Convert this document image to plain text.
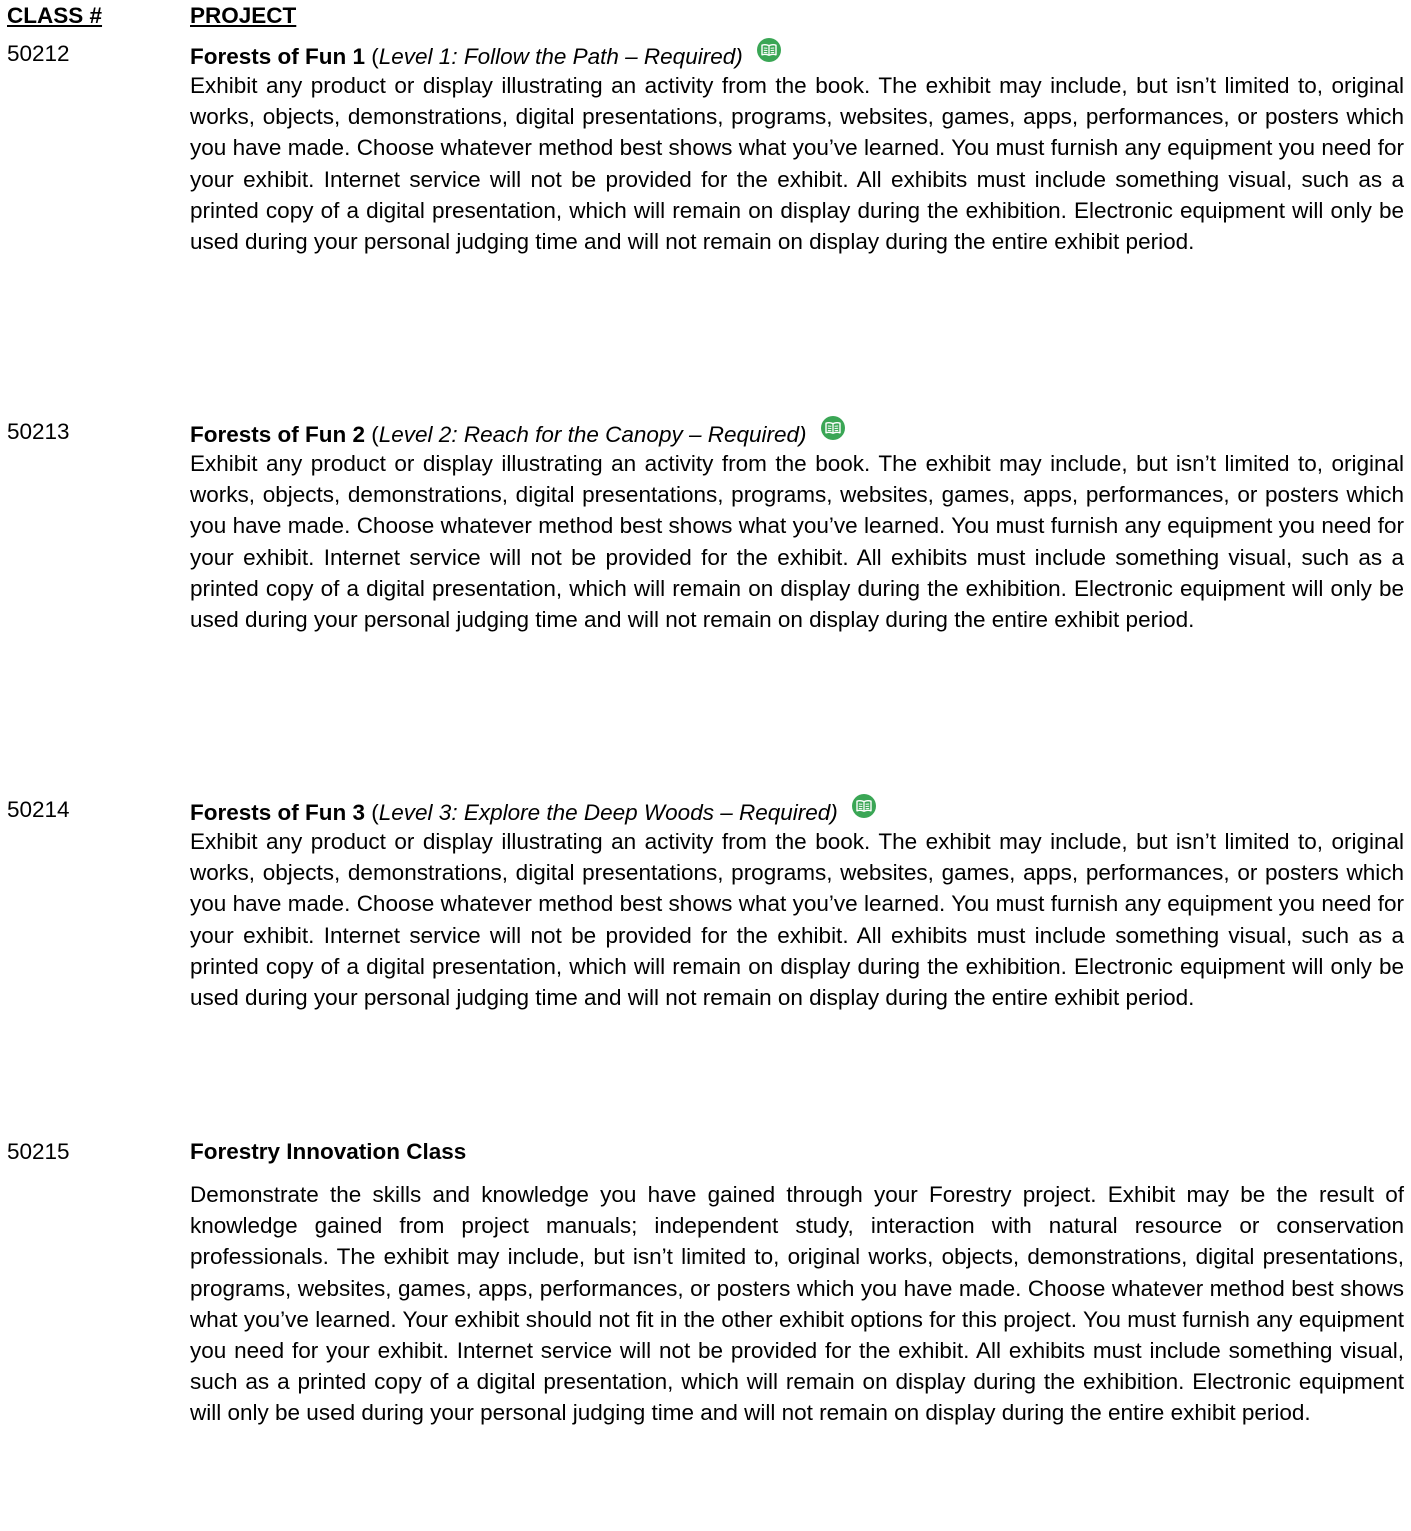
CLASS #	PROJECT
50212	Forests of Fun 1 (Level 1: Follow the Path – Required)

Exhibit any product or display illustrating an activity from the book. The exhibit may include, but isn’t limited to, original works, objects, demonstrations, digital presentations, programs, websites, games, apps, performances, or posters which you have made. Choose whatever method best shows what you’ve learned. You must furnish any equipment you need for your exhibit. Internet service will not be provided for the exhibit. All exhibits must include something visual, such as a printed copy of a digital presentation, which will remain on display during the exhibition. Electronic equipment will only be used during your personal judging time and will not remain on display during the entire exhibit period.

50213	Forests of Fun 2 (Level 2: Reach for the Canopy – Required)

Exhibit any product or display illustrating an activity from the book. The exhibit may include, but isn’t limited to, original works, objects, demonstrations, digital presentations, programs, websites, games, apps, performances, or posters which you have made. Choose whatever method best shows what you’ve learned. You must furnish any equipment you need for your exhibit. Internet service will not be provided for the exhibit. All exhibits must include something visual, such as a printed copy of a digital presentation, which will remain on display during the exhibition. Electronic equipment will only be used during your personal judging time and will not remain on display during the entire exhibit period.

50214	Forests of Fun 3 (Level 3: Explore the Deep Woods – Required)

Exhibit any product or display illustrating an activity from the book. The exhibit may include, but isn’t limited to, original works, objects, demonstrations, digital presentations, programs, websites, games, apps, performances, or posters which you have made. Choose whatever method best shows what you’ve learned. You must furnish any equipment you need for your exhibit. Internet service will not be provided for the exhibit. All exhibits must include something visual, such as a printed copy of a digital presentation, which will remain on display during the exhibition. Electronic equipment will only be used during your personal judging time and will not remain on display during the entire exhibit period.

50215	Forestry Innovation Class

Demonstrate the skills and knowledge you have gained through your Forestry project. Exhibit may be the result of knowledge gained from project manuals; independent study, interaction with natural resource or conservation professionals. The exhibit may include, but isn’t limited to, original works, objects, demonstrations, digital presentations, programs, websites, games, apps, performances, or posters which you have made. Choose whatever method best shows what you’ve learned. Your exhibit should not fit in the other exhibit options for this project. You must furnish any equipment you need for your exhibit. Internet service will not be provided for the exhibit. All exhibits must include something visual, such as a printed copy of a digital presentation, which will remain on display during the exhibition. Electronic equipment will only be used during your personal judging time and will not remain on display during the entire exhibit period.
